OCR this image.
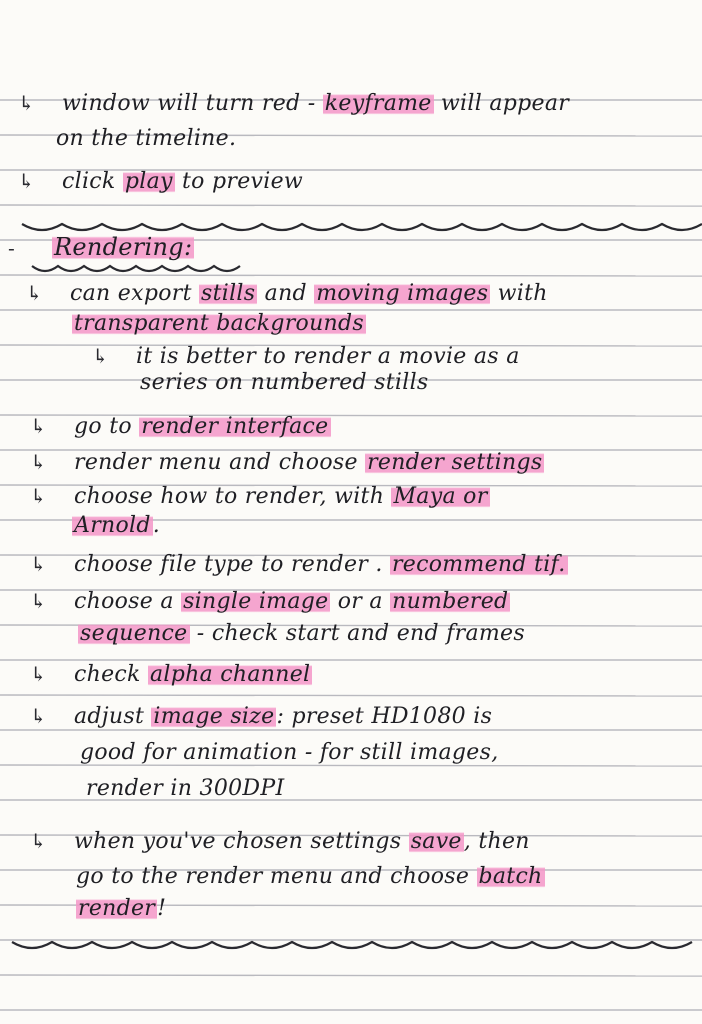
↳ window will turn red - keyframe will appear
on the timeline.
↳ click play to preview
- Rendering:
↳ can export stills and moving images with
transparent backgrounds
↳ it is better to render a movie as a
series on numbered stills
↳ go to render interface
↳ render menu and choose render settings
↳ choose how to render, with Maya or
Arnold.
↳ choose file type to render . recommend tif.
↳ choose a single image or a numbered
sequence - check start and end frames
↳ check alpha channel
↳ adjust image size: preset HD1080 is
good for animation - for still images,
render in 300DPI
↳ when you've chosen settings save, then
go to the render menu and choose batch
render!
